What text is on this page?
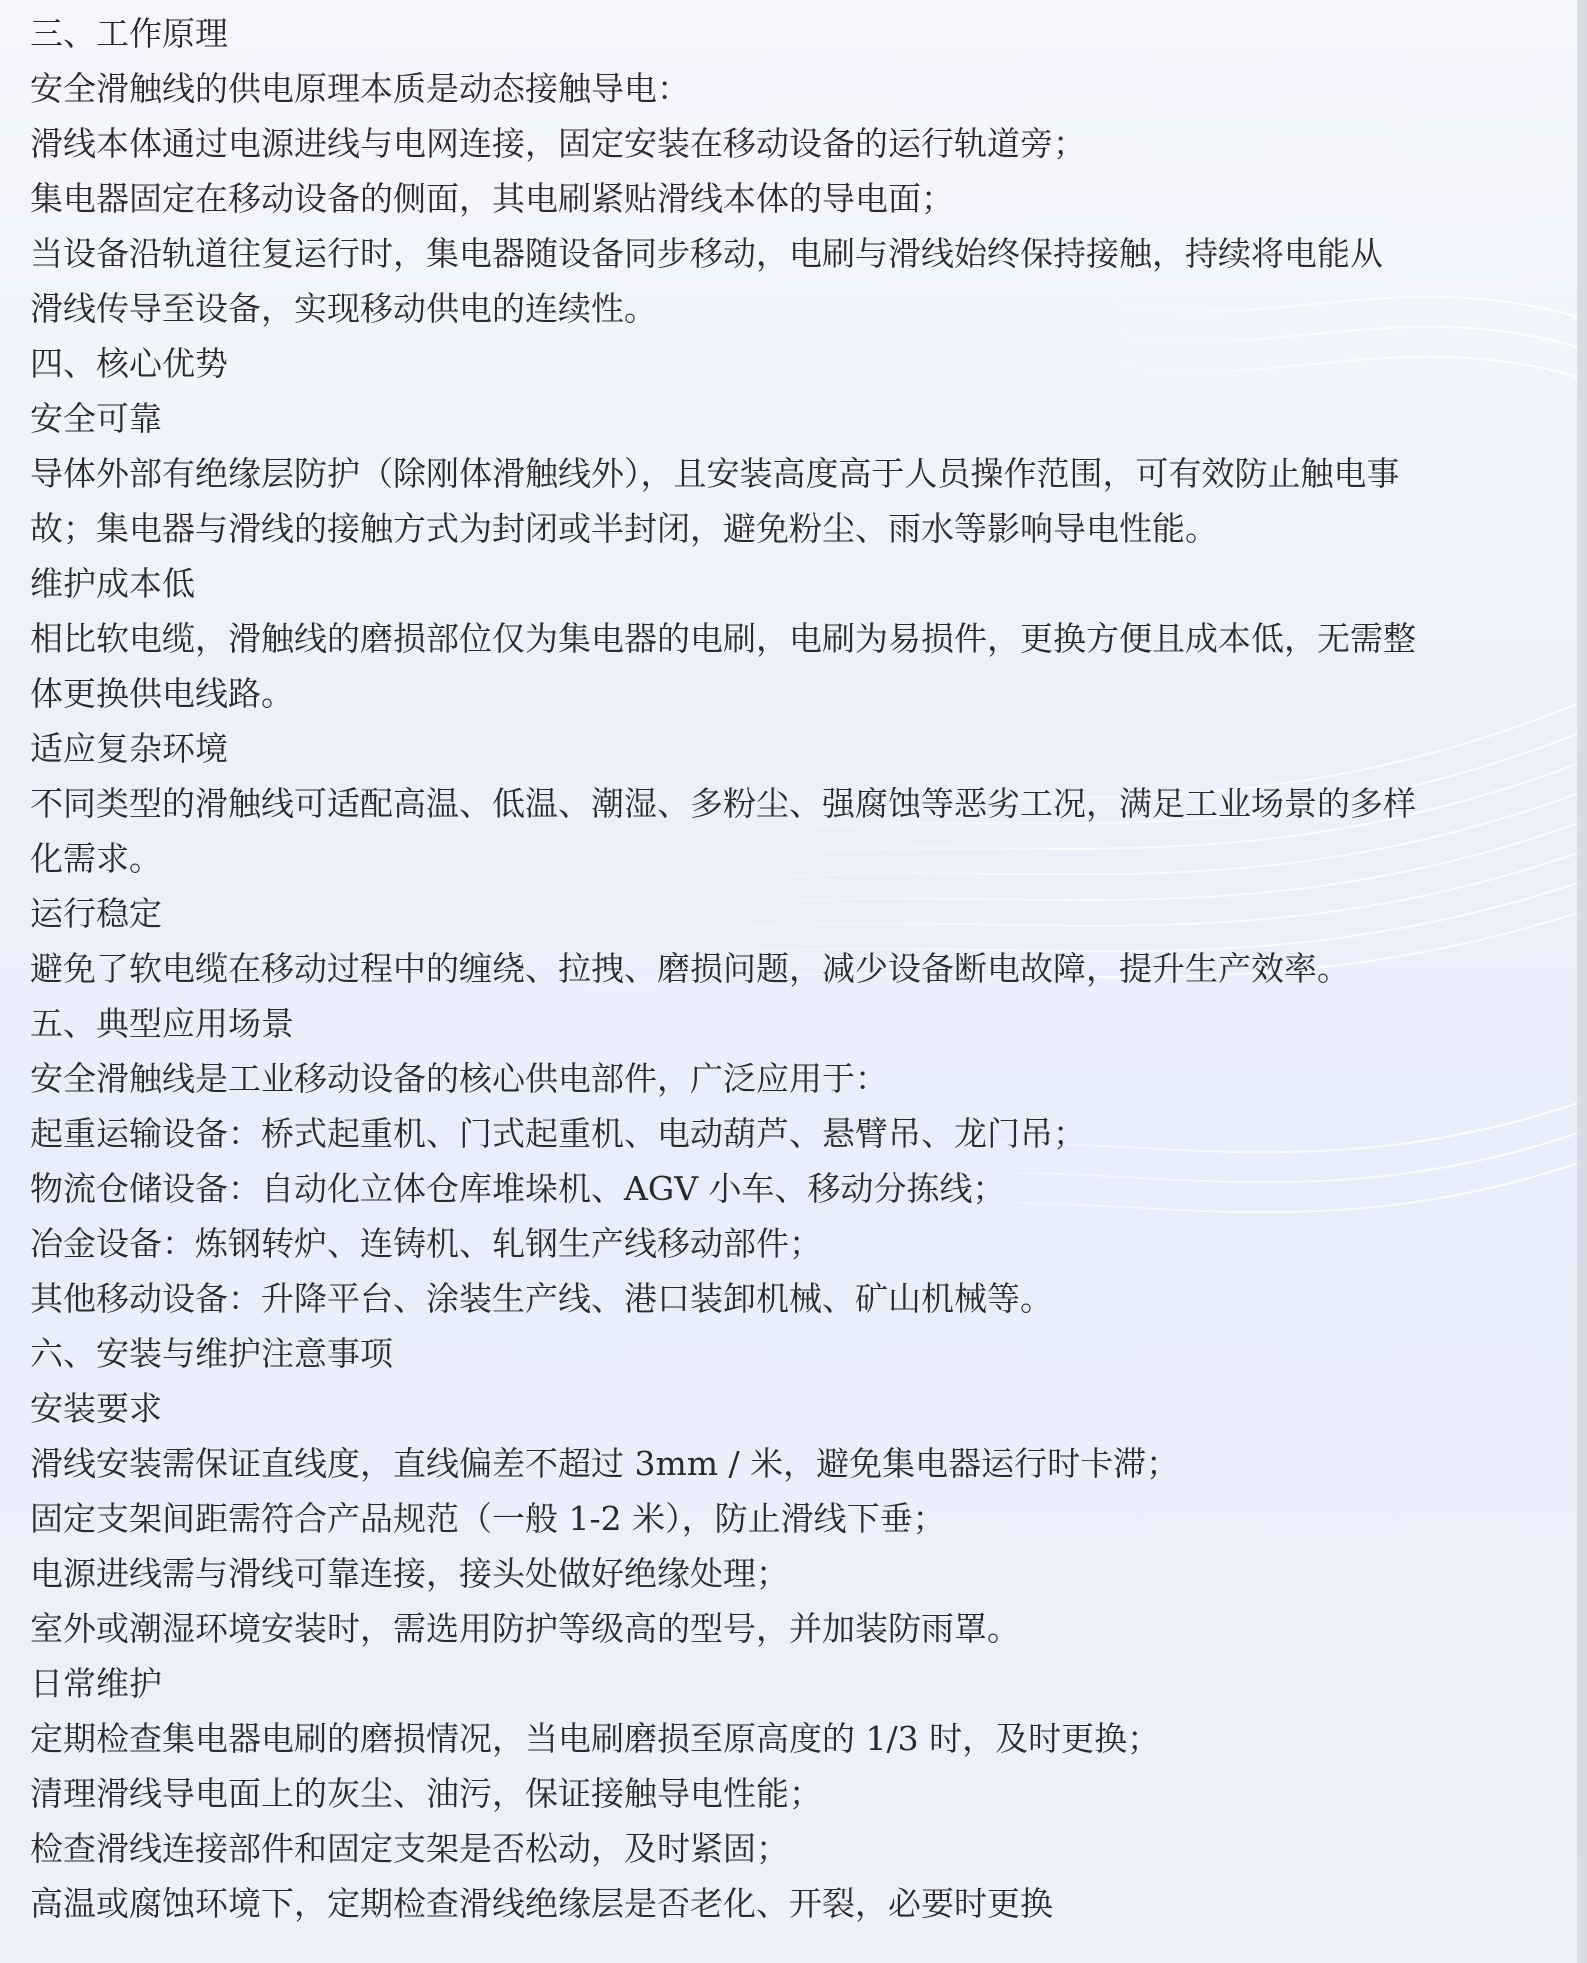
三、工作原理
安全滑触线的供电原理本质是动态接触导电：
滑线本体通过电源进线与电网连接，固定安装在移动设备的运行轨道旁；
集电器固定在移动设备的侧面，其电刷紧贴滑线本体的导电面；
当设备沿轨道往复运行时，集电器随设备同步移动，电刷与滑线始终保持接触，持续将电能从
滑线传导至设备，实现移动供电的连续性。
四、核心优势
安全可靠
导体外部有绝缘层防护（除刚体滑触线外），且安装高度高于人员操作范围，可有效防止触电事
故；集电器与滑线的接触方式为封闭或半封闭，避免粉尘、雨水等影响导电性能。
维护成本低
相比软电缆，滑触线的磨损部位仅为集电器的电刷，电刷为易损件，更换方便且成本低，无需整
体更换供电线路。
适应复杂环境
不同类型的滑触线可适配高温、低温、潮湿、多粉尘、强腐蚀等恶劣工况，满足工业场景的多样
化需求。
运行稳定
避免了软电缆在移动过程中的缠绕、拉拽、磨损问题，减少设备断电故障，提升生产效率。
五、典型应用场景
安全滑触线是工业移动设备的核心供电部件，广泛应用于：
起重运输设备：桥式起重机、门式起重机、电动葫芦、悬臂吊、龙门吊；
物流仓储设备：自动化立体仓库堆垛机、AGV 小车、移动分拣线；
冶金设备：炼钢转炉、连铸机、轧钢生产线移动部件；
其他移动设备：升降平台、涂装生产线、港口装卸机械、矿山机械等。
六、安装与维护注意事项
安装要求
滑线安装需保证直线度，直线偏差不超过 3mm / 米，避免集电器运行时卡滞；
固定支架间距需符合产品规范（一般 1-2 米），防止滑线下垂；
电源进线需与滑线可靠连接，接头处做好绝缘处理；
室外或潮湿环境安装时，需选用防护等级高的型号，并加装防雨罩。
日常维护
定期检查集电器电刷的磨损情况，当电刷磨损至原高度的 1/3 时，及时更换；
清理滑线导电面上的灰尘、油污，保证接触导电性能；
检查滑线连接部件和固定支架是否松动，及时紧固；
高温或腐蚀环境下，定期检查滑线绝缘层是否老化、开裂，必要时更换
